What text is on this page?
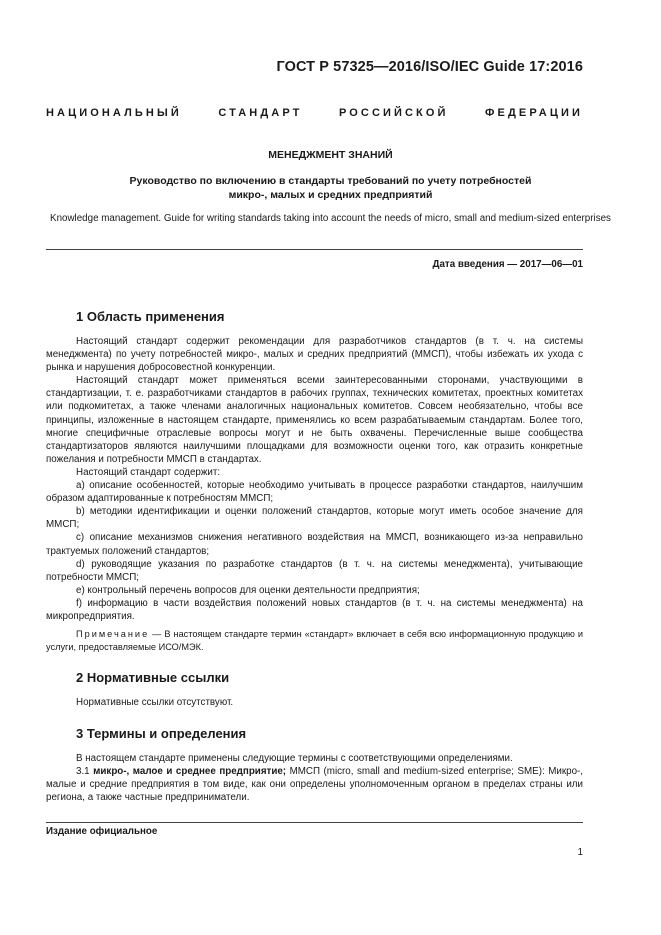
ГОСТ Р 57325—2016/ISO/IEC Guide 17:2016
НАЦИОНАЛЬНЫЙ СТАНДАРТ РОССИЙСКОЙ ФЕДЕРАЦИИ
МЕНЕДЖМЕНТ ЗНАНИЙ
Руководство по включению в стандарты требований по учету потребностей
микро-, малых и средних предприятий
Knowledge management. Guide for writing standards taking into account the needs of micro, small and medium-sized enterprises
Дата введения — 2017—06—01
1 Область применения

Настоящий стандарт содержит рекомендации для разработчиков стандартов (в т. ч. на системы менеджмента) по учету потребностей микро-, малых и средних предприятий (ММСП), чтобы избежать их ухода с рынка и нарушения добросовестной конкуренции.

Настоящий стандарт может применяться всеми заинтересованными сторонами, участвующими в стандартизации, т. е. разработчиками стандартов в рабочих группах, технических комитетах, проектных комитетах или подкомитетах, а также членами аналогичных национальных комитетов. Совсем необязательно, чтобы все принципы, изложенные в настоящем стандарте, применялись ко всем разрабатываемым стандартам. Более того, многие специфичные отраслевые вопросы могут и не быть охвачены. Перечисленные выше сообщества стандартизаторов являются наилучшими площадками для возможности оценки того, как отразить конкретные пожелания и потребности ММСП в стандартах.

Настоящий стандарт содержит:

a) описание особенностей, которые необходимо учитывать в процессе разработки стандартов, наилучшим образом адаптированные к потребностям ММСП;

b) методики идентификации и оценки положений стандартов, которые могут иметь особое значение для ММСП;

c) описание механизмов снижения негативного воздействия на ММСП, возникающего из-за неправильно трактуемых положений стандартов;

d) руководящие указания по разработке стандартов (в т. ч. на системы менеджмента), учитывающие потребности ММСП;

e) контрольный перечень вопросов для оценки деятельности предприятия;

f) информацию в части воздействия положений новых стандартов (в т. ч. на системы менеджмента) на микропредприятия.

Примечание — В настоящем стандарте термин «стандарт» включает в себя всю информационную продукцию и услуги, предоставляемые ИСО/МЭК.

2 Нормативные ссылки

Нормативные ссылки отсутствуют.

3 Термины и определения

В настоящем стандарте применены следующие термины с соответствующими определениями.

3.1 микро-, малое и среднее предприятие; ММСП (micro, small and medium-sized enterprise; SME): Микро-, малые и средние предприятия в том виде, как они определены уполномоченным органом в пределах страны или региона, а также частные предприниматели.

Издание официальное
1
